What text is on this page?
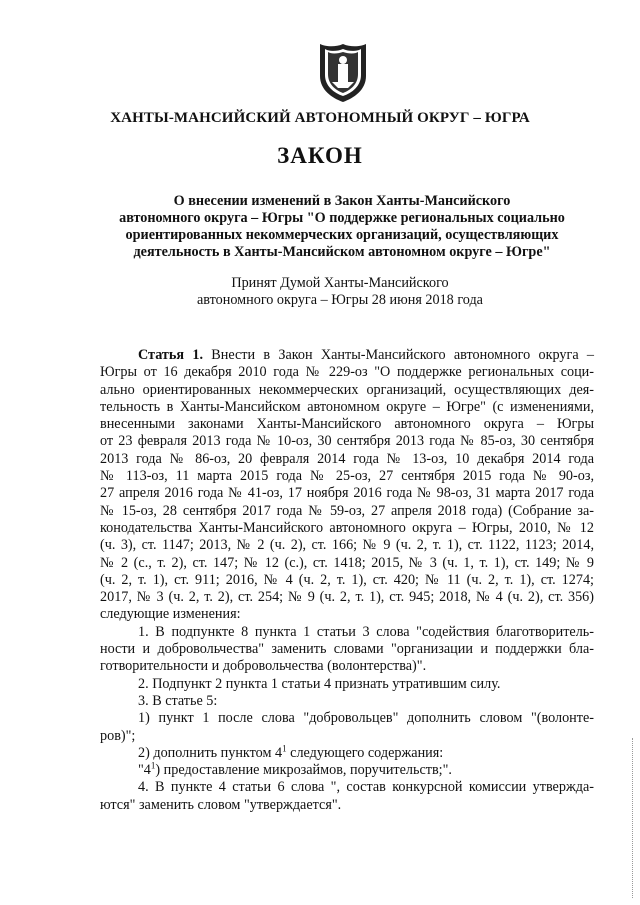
ХАНТЫ-МАНСИЙСКИЙ АВТОНОМНЫЙ ОКРУГ – ЮГРА
ЗАКОН
О внесении изменений в Закон Ханты-Мансийского
автономного округа – Югры "О поддержке региональных социально
ориентированных некоммерческих организаций, осуществляющих
деятельность в Ханты-Мансийском автономном округе – Югре"
Принят Думой Ханты-Мансийского
автономного округа – Югры 28 июня 2018 года
Статья 1. Внести в Закон Ханты-Мансийского автономного округа –
Югры от 16 декабря 2010 года № 229-оз "О поддержке региональных соци-
ально ориентированных некоммерческих организаций, осуществляющих дея-
тельность в Ханты-Мансийском автономном округе – Югре" (с изменениями,
внесенными законами Ханты-Мансийского автономного округа – Югры
от 23 февраля 2013 года № 10-оз, 30 сентября 2013 года № 85-оз, 30 сентября
2013 года № 86-оз, 20 февраля 2014 года № 13-оз, 10 декабря 2014 года
№ 113-оз, 11 марта 2015 года № 25-оз, 27 сентября 2015 года № 90-оз,
27 апреля 2016 года № 41-оз, 17 ноября 2016 года № 98-оз, 31 марта 2017 года
№ 15-оз, 28 сентября 2017 года № 59-оз, 27 апреля 2018 года) (Собрание за-
конодательства Ханты-Мансийского автономного округа – Югры, 2010, № 12
(ч. 3), ст. 1147; 2013, № 2 (ч. 2), ст. 166; № 9 (ч. 2, т. 1), ст. 1122, 1123; 2014,
№ 2 (с., т. 2), ст. 147; № 12 (с.), ст. 1418; 2015, № 3 (ч. 1, т. 1), ст. 149; № 9
(ч. 2, т. 1), ст. 911; 2016, № 4 (ч. 2, т. 1), ст. 420; № 11 (ч. 2, т. 1), ст. 1274;
2017, № 3 (ч. 2, т. 2), ст. 254; № 9 (ч. 2, т. 1), ст. 945; 2018, № 4 (ч. 2), ст. 356)
следующие изменения:
1. В подпункте 8 пункта 1 статьи 3 слова "содействия благотворитель-
ности и добровольчества" заменить словами "организации и поддержки бла-
готворительности и добровольчества (волонтерства)".
2. Подпункт 2 пункта 1 статьи 4 признать утратившим силу.
3. В статье 5:
1) пункт 1 после слова "добровольцев" дополнить словом "(волонте-
ров)";
2) дополнить пунктом $4^1$ следующего содержания:
"$4^1$) предоставление микрозаймов, поручительств;".
4. В пункте 4 статьи 6 слова ", состав конкурсной комиссии утвержда-
ются" заменить словом "утверждается".
